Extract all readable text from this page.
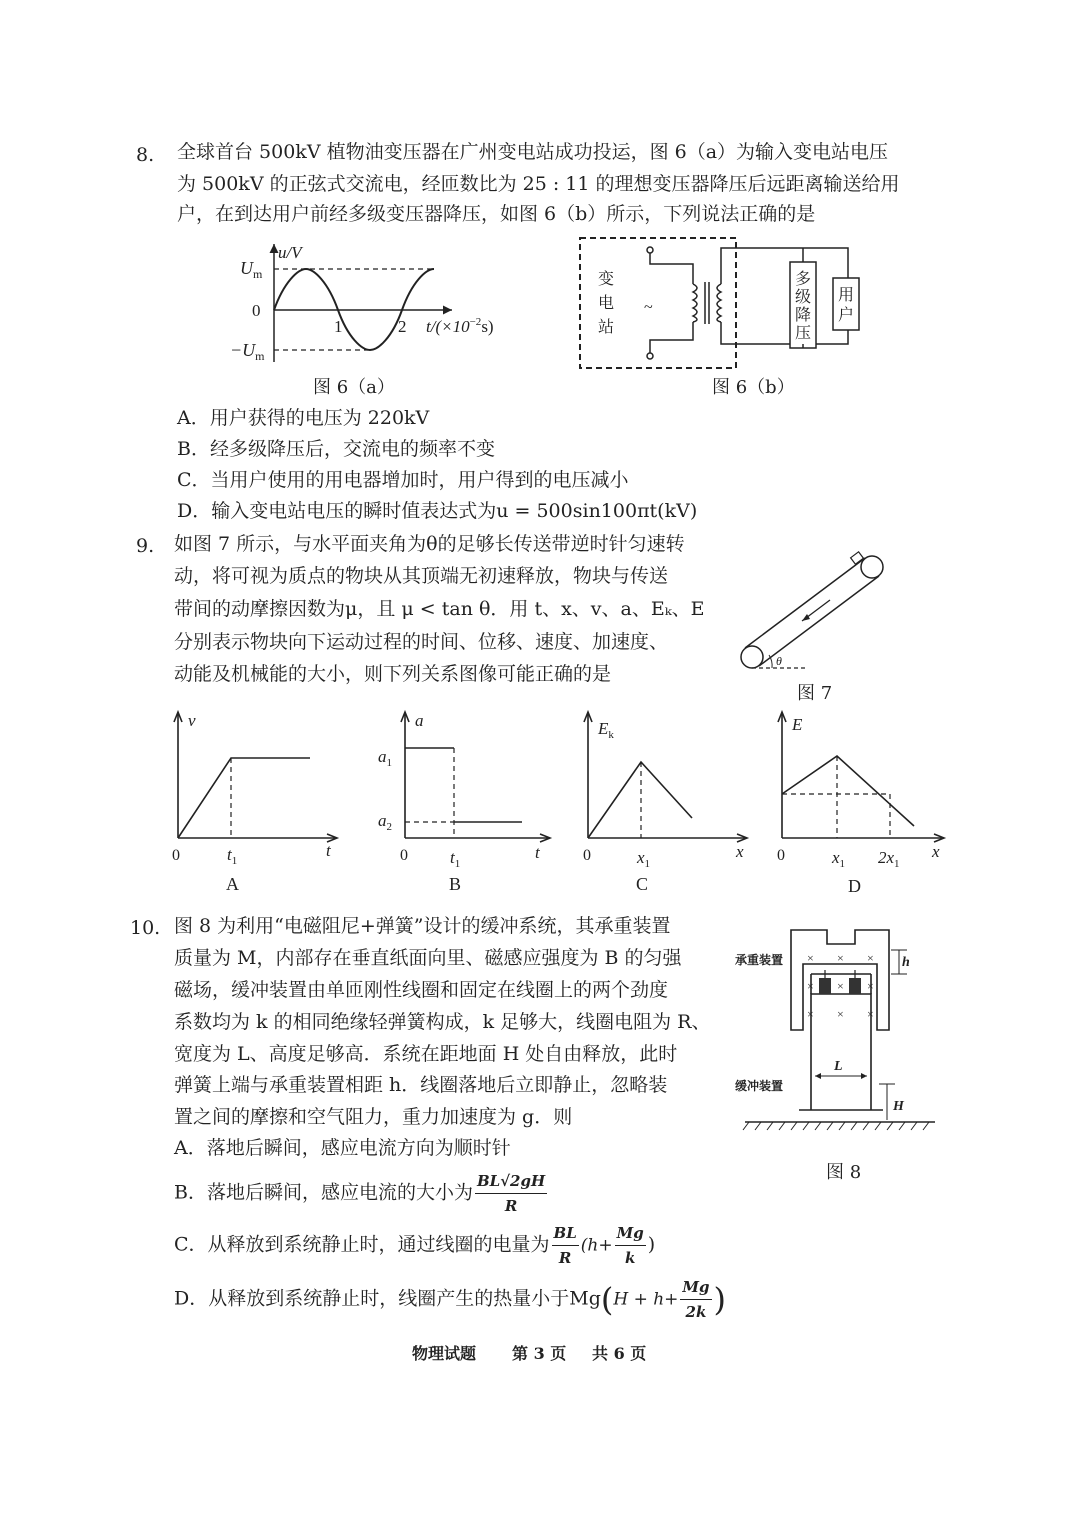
8. 全球首台 500kV 植物油变压器在广州变电站成功投运，图 6（a）为输入变电站电压
为 500kV 的正弦式交流电，经匝数比为 25 : 11 的理想变压器降压后远距离输送给用
户，在到达用户前经多级变压器降压，如图 6（b）所示，下列说法正确的是
u/V
$U_m$
0
$-U_m$
1	2 $t/(\times 10^{-2}s)$
图 6（a）
变
电
站
~
多
级
降
压
用
户
图 6（b）
A．用户获得的电压为 220kV
B．经多级降压后，交流电的频率不变
C．当用户使用的用电器增加时，用户得到的电压减小
D．输入变电站电压的瞬时值表达式为u = 500sin100πt(kV)
9. 如图 7 所示，与水平面夹角为θ的足够长传送带逆时针匀速转
动，将可视为质点的物块从其顶端无初速释放，物块与传送
带间的动摩擦因数为μ，且 μ < tan θ．用 t、x、v、a、Eₖ、E
分别表示物块向下运动过程的时间、位移、速度、加速度、
动能及机械能的大小，则下列关系图像可能正确的是
θ
图 7
v
0	$t_1$
t
A
a
$a_1$
$a_2$
0 $t_1$
t
B
$E_k$
0	$x_1$
x
C
E
0	$x_1$ $2x_1$
x
D
10. 图 8 为利用“电磁阻尼+弹簧”设计的缓冲系统，其承重装置
质量为 M，内部存在垂直纸面向里、磁感应强度为 B 的匀强
磁场，缓冲装置由单匝刚性线圈和固定在线圈上的两个劲度
系数均为 k 的相同绝缘轻弹簧构成，k 足够大，线圈电阻为 R、
宽度为 L、高度足够高．系统在距地面 H 处自由释放，此时
弹簧上端与承重装置相距 h．线圈落地后立即静止，忽略装
置之间的摩擦和空气阻力，重力加速度为 g．则
× × ×
× × ×
× × ×
h
L
H
承重装置
缓冲装置
图 8
A．落地后瞬间，感应电流方向为顺时针
B．落地后瞬间，感应电流的大小为 $\frac{BL√2gH}{R}$
C．从释放到系统静止时，通过线圈的电量为 $\frac{BL}{R} (h+ \frac{Mg}{k}$ )
D．从释放到系统静止时，线圈产生的热量小于$Mg(H + h+ \frac{Mg}{2k}$ )
物理试题 第 3 页 共 6 页
